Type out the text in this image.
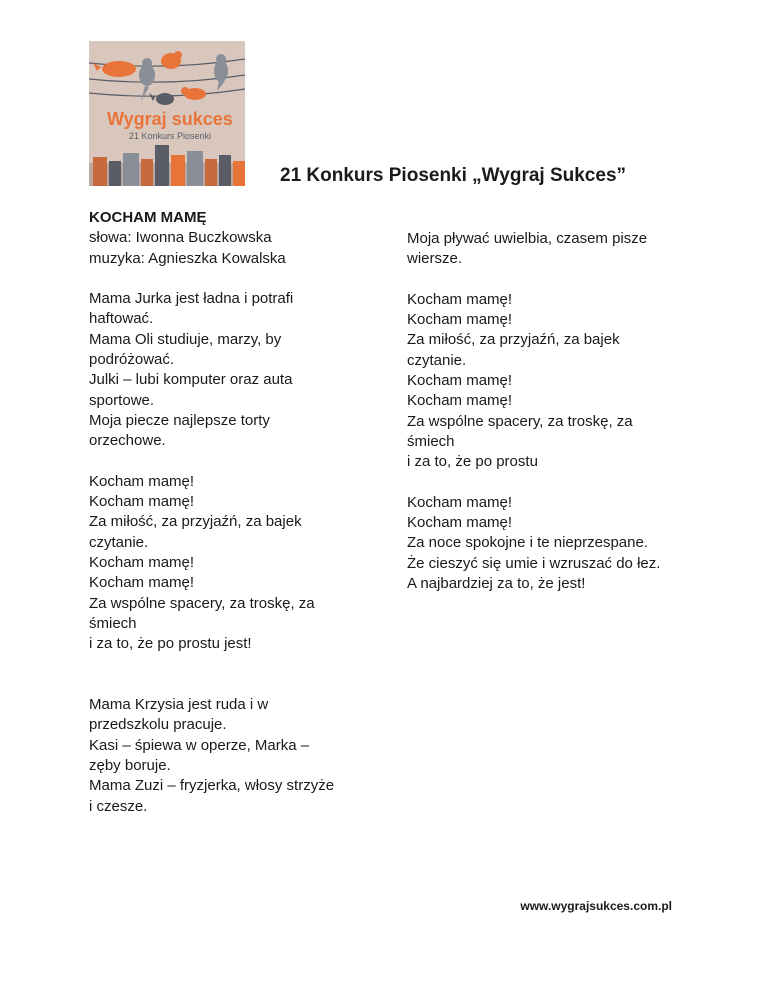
Wygraj sukces
21 Konkurs Piosenki
21 Konkurs Piosenki „Wygraj Sukces”
KOCHAM MAMĘ
słowa: Iwonna Buczkowska
muzyka: Agnieszka Kowalska
Mama Jurka jest ładna i potrafi
haftować.
Mama Oli studiuje, marzy, by
podróżować.
Julki – lubi komputer oraz auta
sportowe.
Moja piecze najlepsze torty
orzechowe.
Kocham mamę!
Kocham mamę!
Za miłość, za przyjaźń, za bajek
czytanie.
Kocham mamę!
Kocham mamę!
Za wspólne spacery, za troskę, za
śmiech
i za to, że po prostu jest!
Mama Krzysia jest ruda i w
przedszkolu pracuje.
Kasi – śpiewa w operze, Marka –
zęby boruje.
Mama Zuzi – fryzjerka, włosy strzyże
i czesze.
Moja pływać uwielbia, czasem pisze
wiersze.
Kocham mamę!
Kocham mamę!
Za miłość, za przyjaźń, za bajek
czytanie.
Kocham mamę!
Kocham mamę!
Za wspólne spacery, za troskę, za
śmiech
i za to, że po prostu
Kocham mamę!
Kocham mamę!
Za noce spokojne i te nieprzespane.
Że cieszyć się umie i wzruszać do łez.
A najbardziej za to, że jest!
www.wygrajsukces.com.pl
